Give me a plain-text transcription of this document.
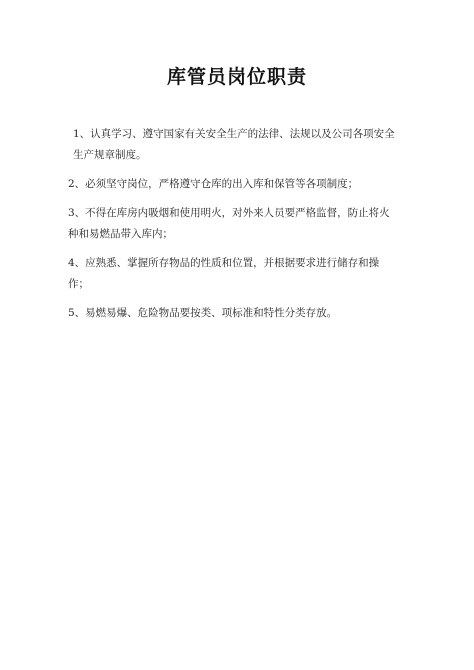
库管员岗位职责
1、认真学习、遵守国家有关安全生产的法律、法规以及公司各项安全生产规章制度。
2、必须坚守岗位，严格遵守仓库的出入库和保管等各项制度；
3、不得在库房内吸烟和使用明火，对外来人员要严格监督，防止将火种和易燃品带入库内；
4、应熟悉、掌握所存物品的性质和位置，并根据要求进行储存和操作；
5、易燃易爆、危险物品要按类、项标准和特性分类存放。
